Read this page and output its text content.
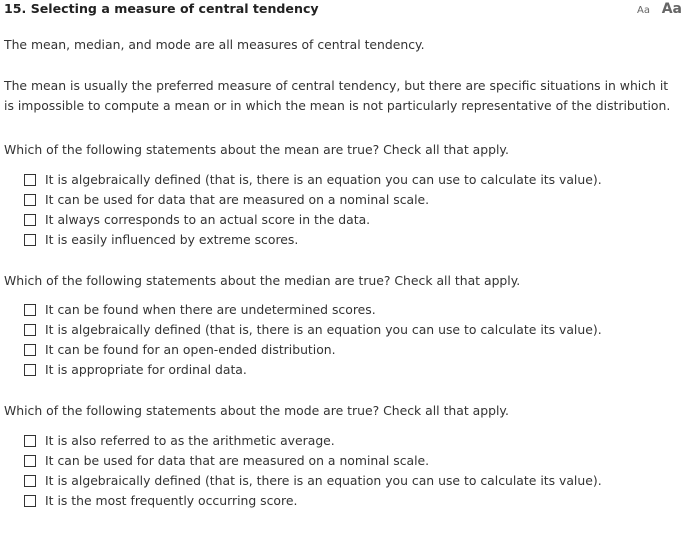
15. Selecting a measure of central tendency	Aa Aa

The mean, median, and mode are all measures of central tendency.

The mean is usually the preferred measure of central tendency, but there are specific situations in which it is impossible to compute a mean or in which the mean is not particularly representative of the distribution.

Which of the following statements about the mean are true? Check all that apply.

It is algebraically defined (that is, there is an equation you can use to calculate its value).
It can be used for data that are measured on a nominal scale.
It always corresponds to an actual score in the data.
It is easily influenced by extreme scores.

Which of the following statements about the median are true? Check all that apply.

It can be found when there are undetermined scores.
It is algebraically defined (that is, there is an equation you can use to calculate its value).
It can be found for an open-ended distribution.
It is appropriate for ordinal data.

Which of the following statements about the mode are true? Check all that apply.

It is also referred to as the arithmetic average.
It can be used for data that are measured on a nominal scale.
It is algebraically defined (that is, there is an equation you can use to calculate its value).
It is the most frequently occurring score.
